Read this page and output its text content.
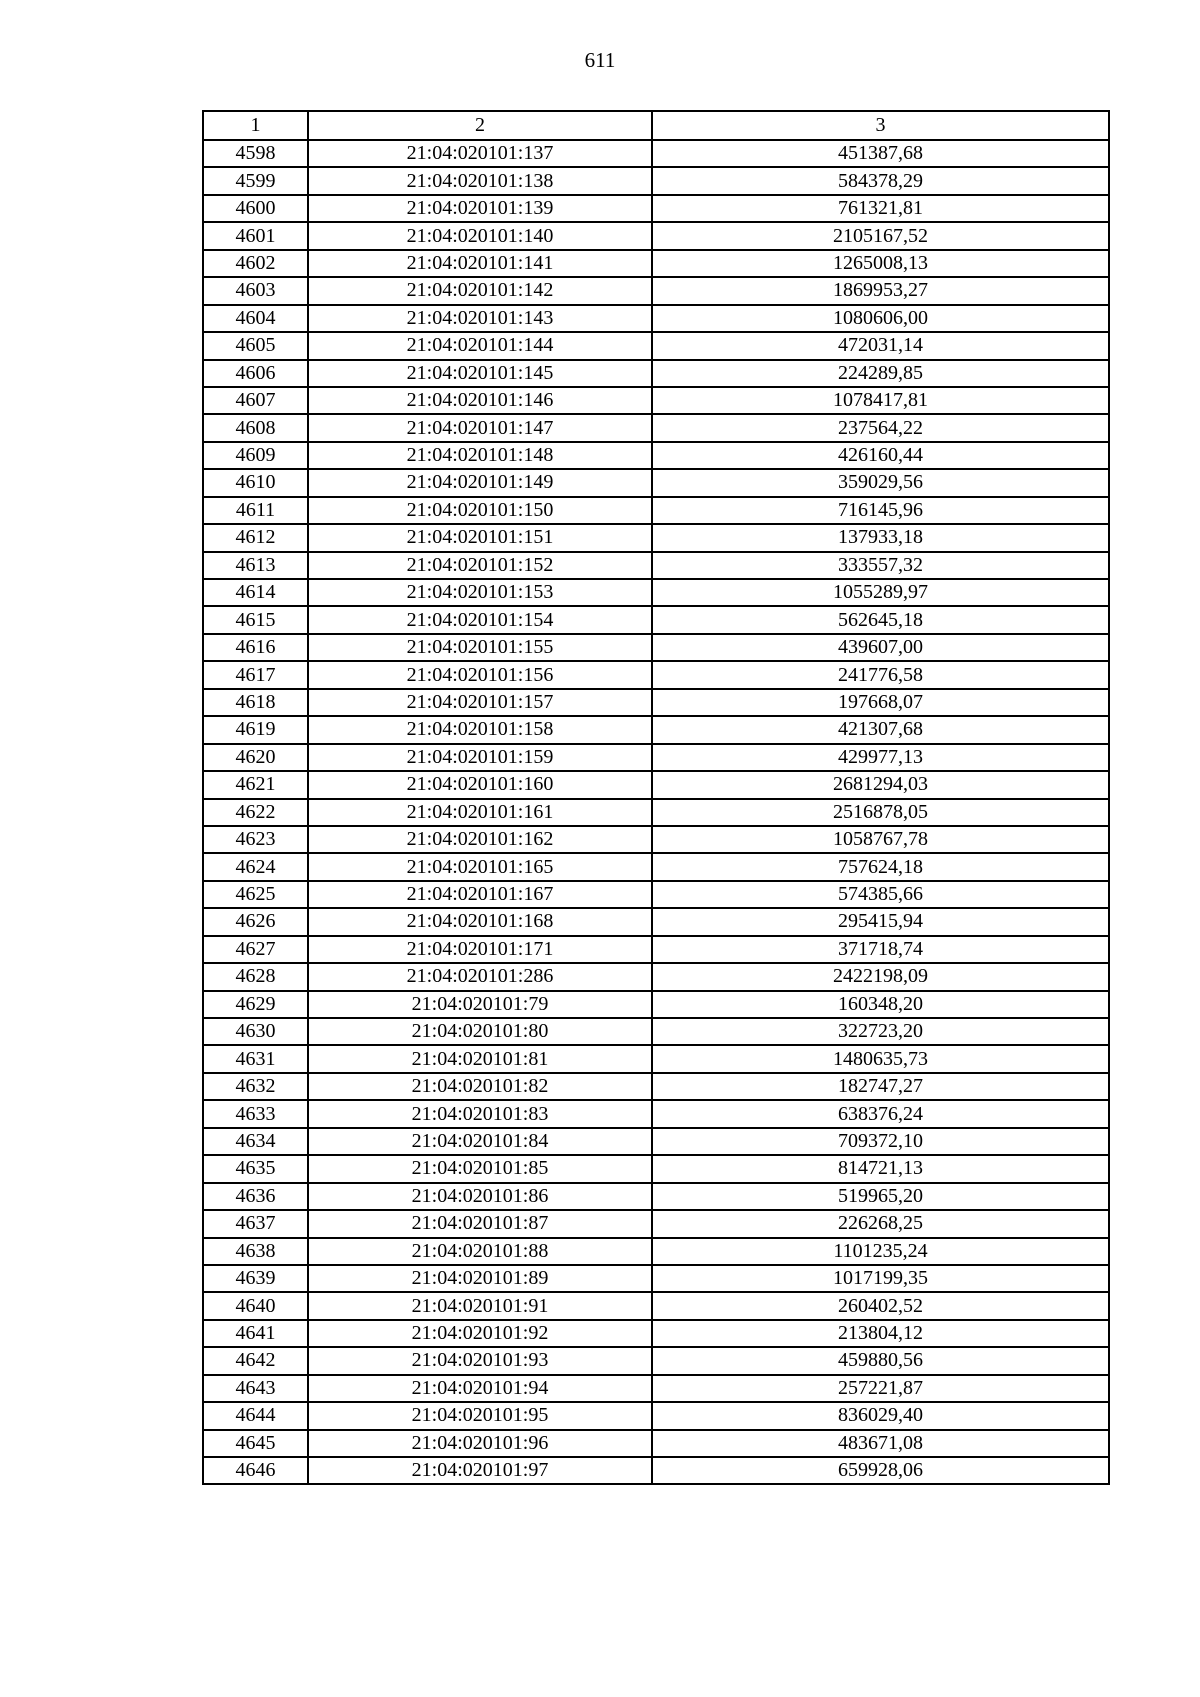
611
1	2	3
4598	21:04:020101:137	451387,68
4599	21:04:020101:138	584378,29
4600	21:04:020101:139	761321,81
4601	21:04:020101:140	2105167,52
4602	21:04:020101:141	1265008,13
4603	21:04:020101:142	1869953,27
4604	21:04:020101:143	1080606,00
4605	21:04:020101:144	472031,14
4606	21:04:020101:145	224289,85
4607	21:04:020101:146	1078417,81
4608	21:04:020101:147	237564,22
4609	21:04:020101:148	426160,44
4610	21:04:020101:149	359029,56
4611	21:04:020101:150	716145,96
4612	21:04:020101:151	137933,18
4613	21:04:020101:152	333557,32
4614	21:04:020101:153	1055289,97
4615	21:04:020101:154	562645,18
4616	21:04:020101:155	439607,00
4617	21:04:020101:156	241776,58
4618	21:04:020101:157	197668,07
4619	21:04:020101:158	421307,68
4620	21:04:020101:159	429977,13
4621	21:04:020101:160	2681294,03
4622	21:04:020101:161	2516878,05
4623	21:04:020101:162	1058767,78
4624	21:04:020101:165	757624,18
4625	21:04:020101:167	574385,66
4626	21:04:020101:168	295415,94
4627	21:04:020101:171	371718,74
4628	21:04:020101:286	2422198,09
4629	21:04:020101:79	160348,20
4630	21:04:020101:80	322723,20
4631	21:04:020101:81	1480635,73
4632	21:04:020101:82	182747,27
4633	21:04:020101:83	638376,24
4634	21:04:020101:84	709372,10
4635	21:04:020101:85	814721,13
4636	21:04:020101:86	519965,20
4637	21:04:020101:87	226268,25
4638	21:04:020101:88	1101235,24
4639	21:04:020101:89	1017199,35
4640	21:04:020101:91	260402,52
4641	21:04:020101:92	213804,12
4642	21:04:020101:93	459880,56
4643	21:04:020101:94	257221,87
4644	21:04:020101:95	836029,40
4645	21:04:020101:96	483671,08
4646	21:04:020101:97	659928,06
